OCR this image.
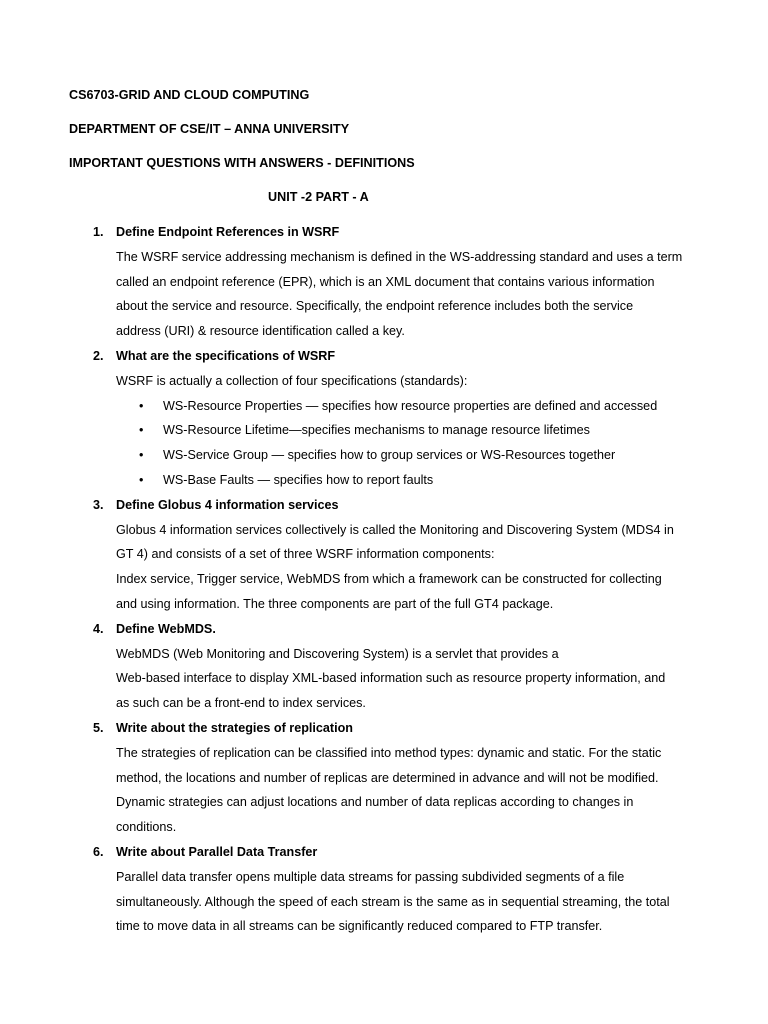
CS6703-GRID AND CLOUD COMPUTING
DEPARTMENT OF CSE/IT – ANNA UNIVERSITY
IMPORTANT QUESTIONS WITH ANSWERS - DEFINITIONS
UNIT -2 PART - A
1. Define Endpoint References in WSRF
The WSRF service addressing mechanism is defined in the WS-addressing standard and uses a term
called an endpoint reference (EPR), which is an XML document that contains various information
about the service and resource. Specifically, the endpoint reference includes both the service
address (URI) & resource identification called a key.
2. What are the specifications of WSRF
WSRF is actually a collection of four specifications (standards):
• WS-Resource Properties — specifies how resource properties are defined and accessed
• WS-Resource Lifetime—specifies mechanisms to manage resource lifetimes
• WS-Service Group — specifies how to group services or WS-Resources together
• WS-Base Faults — specifies how to report faults
3. Define Globus 4 information services
Globus 4 information services collectively is called the Monitoring and Discovering System (MDS4 in
GT 4) and consists of a set of three WSRF information components:
Index service, Trigger service, WebMDS from which a framework can be constructed for collecting
and using information. The three components are part of the full GT4 package.
4. Define WebMDS.
WebMDS (Web Monitoring and Discovering System) is a servlet that provides a
Web-based interface to display XML-based information such as resource property information, and
as such can be a front-end to index services.
5. Write about the strategies of replication
The strategies of replication can be classified into method types: dynamic and static. For the static
method, the locations and number of replicas are determined in advance and will not be modified.
Dynamic strategies can adjust locations and number of data replicas according to changes in
conditions.
6. Write about Parallel Data Transfer
Parallel data transfer opens multiple data streams for passing subdivided segments of a file
simultaneously. Although the speed of each stream is the same as in sequential streaming, the total
time to move data in all streams can be significantly reduced compared to FTP transfer.
